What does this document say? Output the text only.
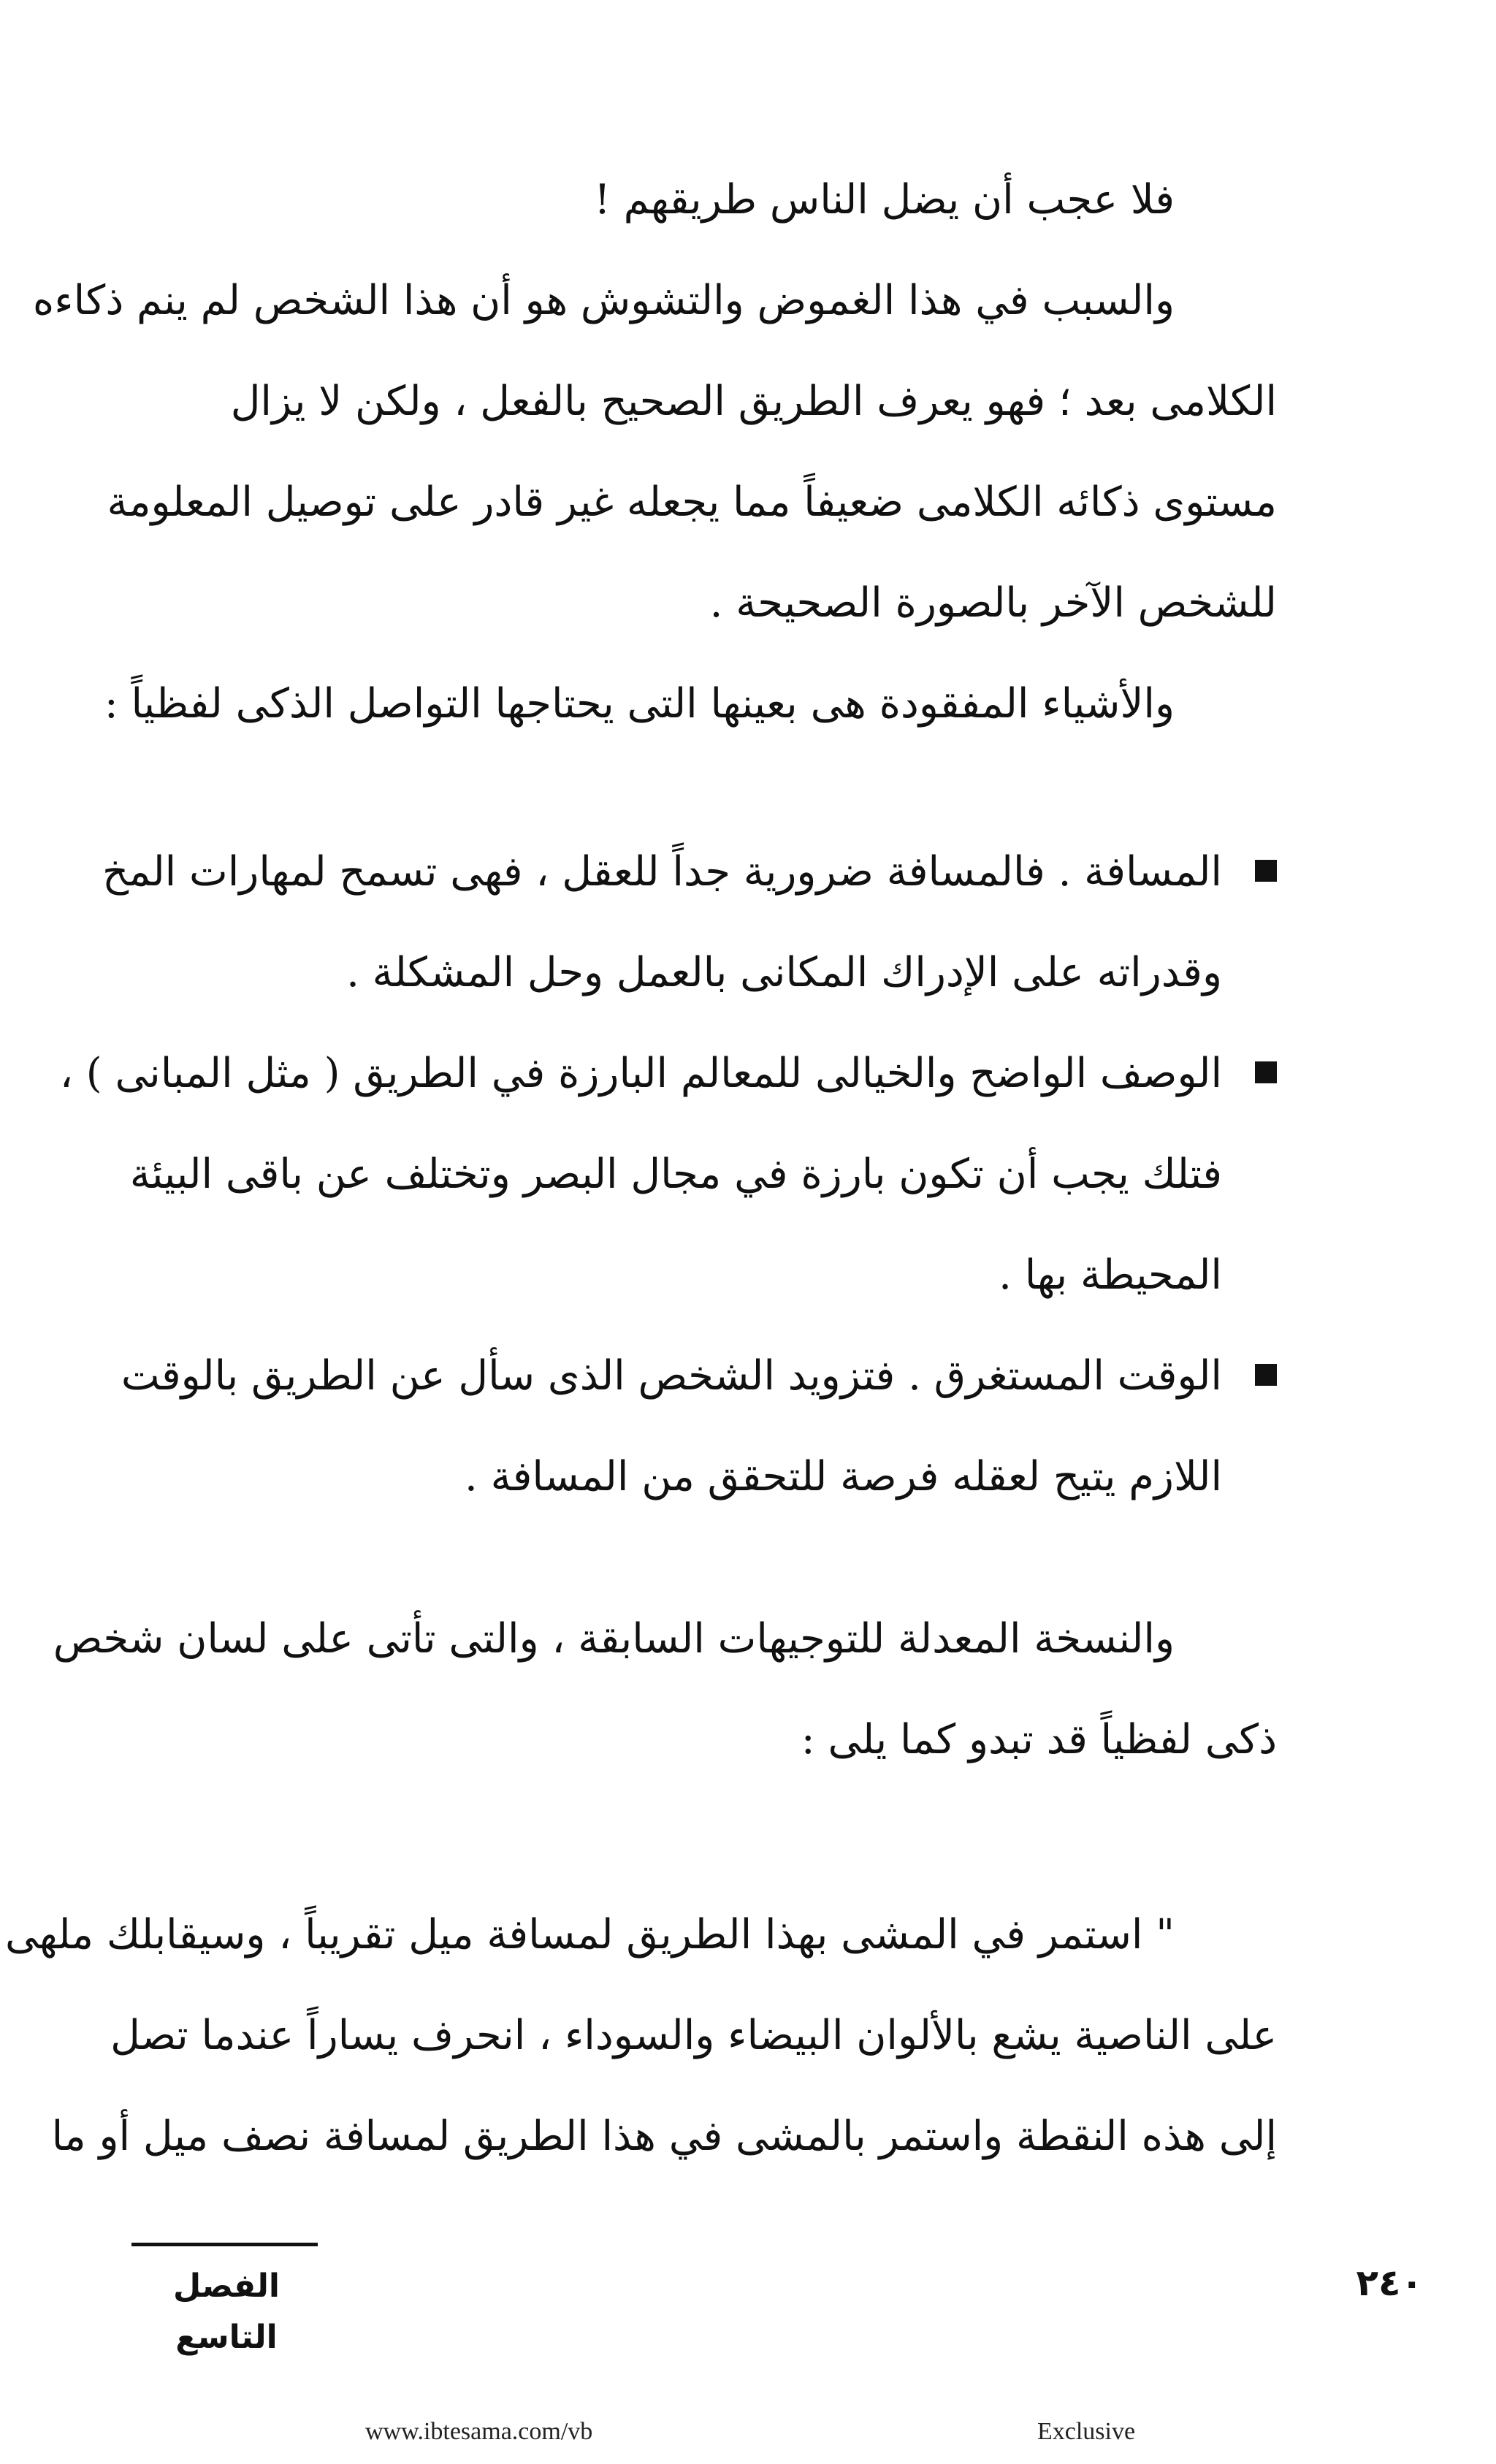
فلا عجب أن يضل الناس طريقهم !
والسبب في هذا الغموض والتشوش هو أن هذا الشخص لم ينم ذكاءه
الكلامى بعد ؛ فهو يعرف الطريق الصحيح بالفعل ، ولكن لا يزال
مستوى ذكائه الكلامى ضعيفاً مما يجعله غير قادر على توصيل المعلومة
للشخص الآخر بالصورة الصحيحة .
والأشياء المفقودة هى بعينها التى يحتاجها التواصل الذكى لفظياً :
المسافة . فالمسافة ضرورية جداً للعقل ، فهى تسمح لمهارات المخ
وقدراته على الإدراك المكانى بالعمل وحل المشكلة .
الوصف الواضح والخيالى للمعالم البارزة في الطريق ( مثل المبانى ) ،
فتلك يجب أن تكون بارزة في مجال البصر وتختلف عن باقى البيئة
المحيطة بها .
الوقت المستغرق . فتزويد الشخص الذى سأل عن الطريق بالوقت
اللازم يتيح لعقله فرصة للتحقق من المسافة .
والنسخة المعدلة للتوجيهات السابقة ، والتى تأتى على لسان شخص
ذكى لفظياً قد تبدو كما يلى :
" استمر في المشى بهذا الطريق لمسافة ميل تقريباً ، وسيقابلك ملهى
على الناصية يشع بالألوان البيضاء والسوداء ، انحرف يساراً عندما تصل
إلى هذه النقطة واستمر بالمشى في هذا الطريق لمسافة نصف ميل أو ما
الفصل التاسع
٢٤٠
www.ibtesama.com/vb	Exclusive
